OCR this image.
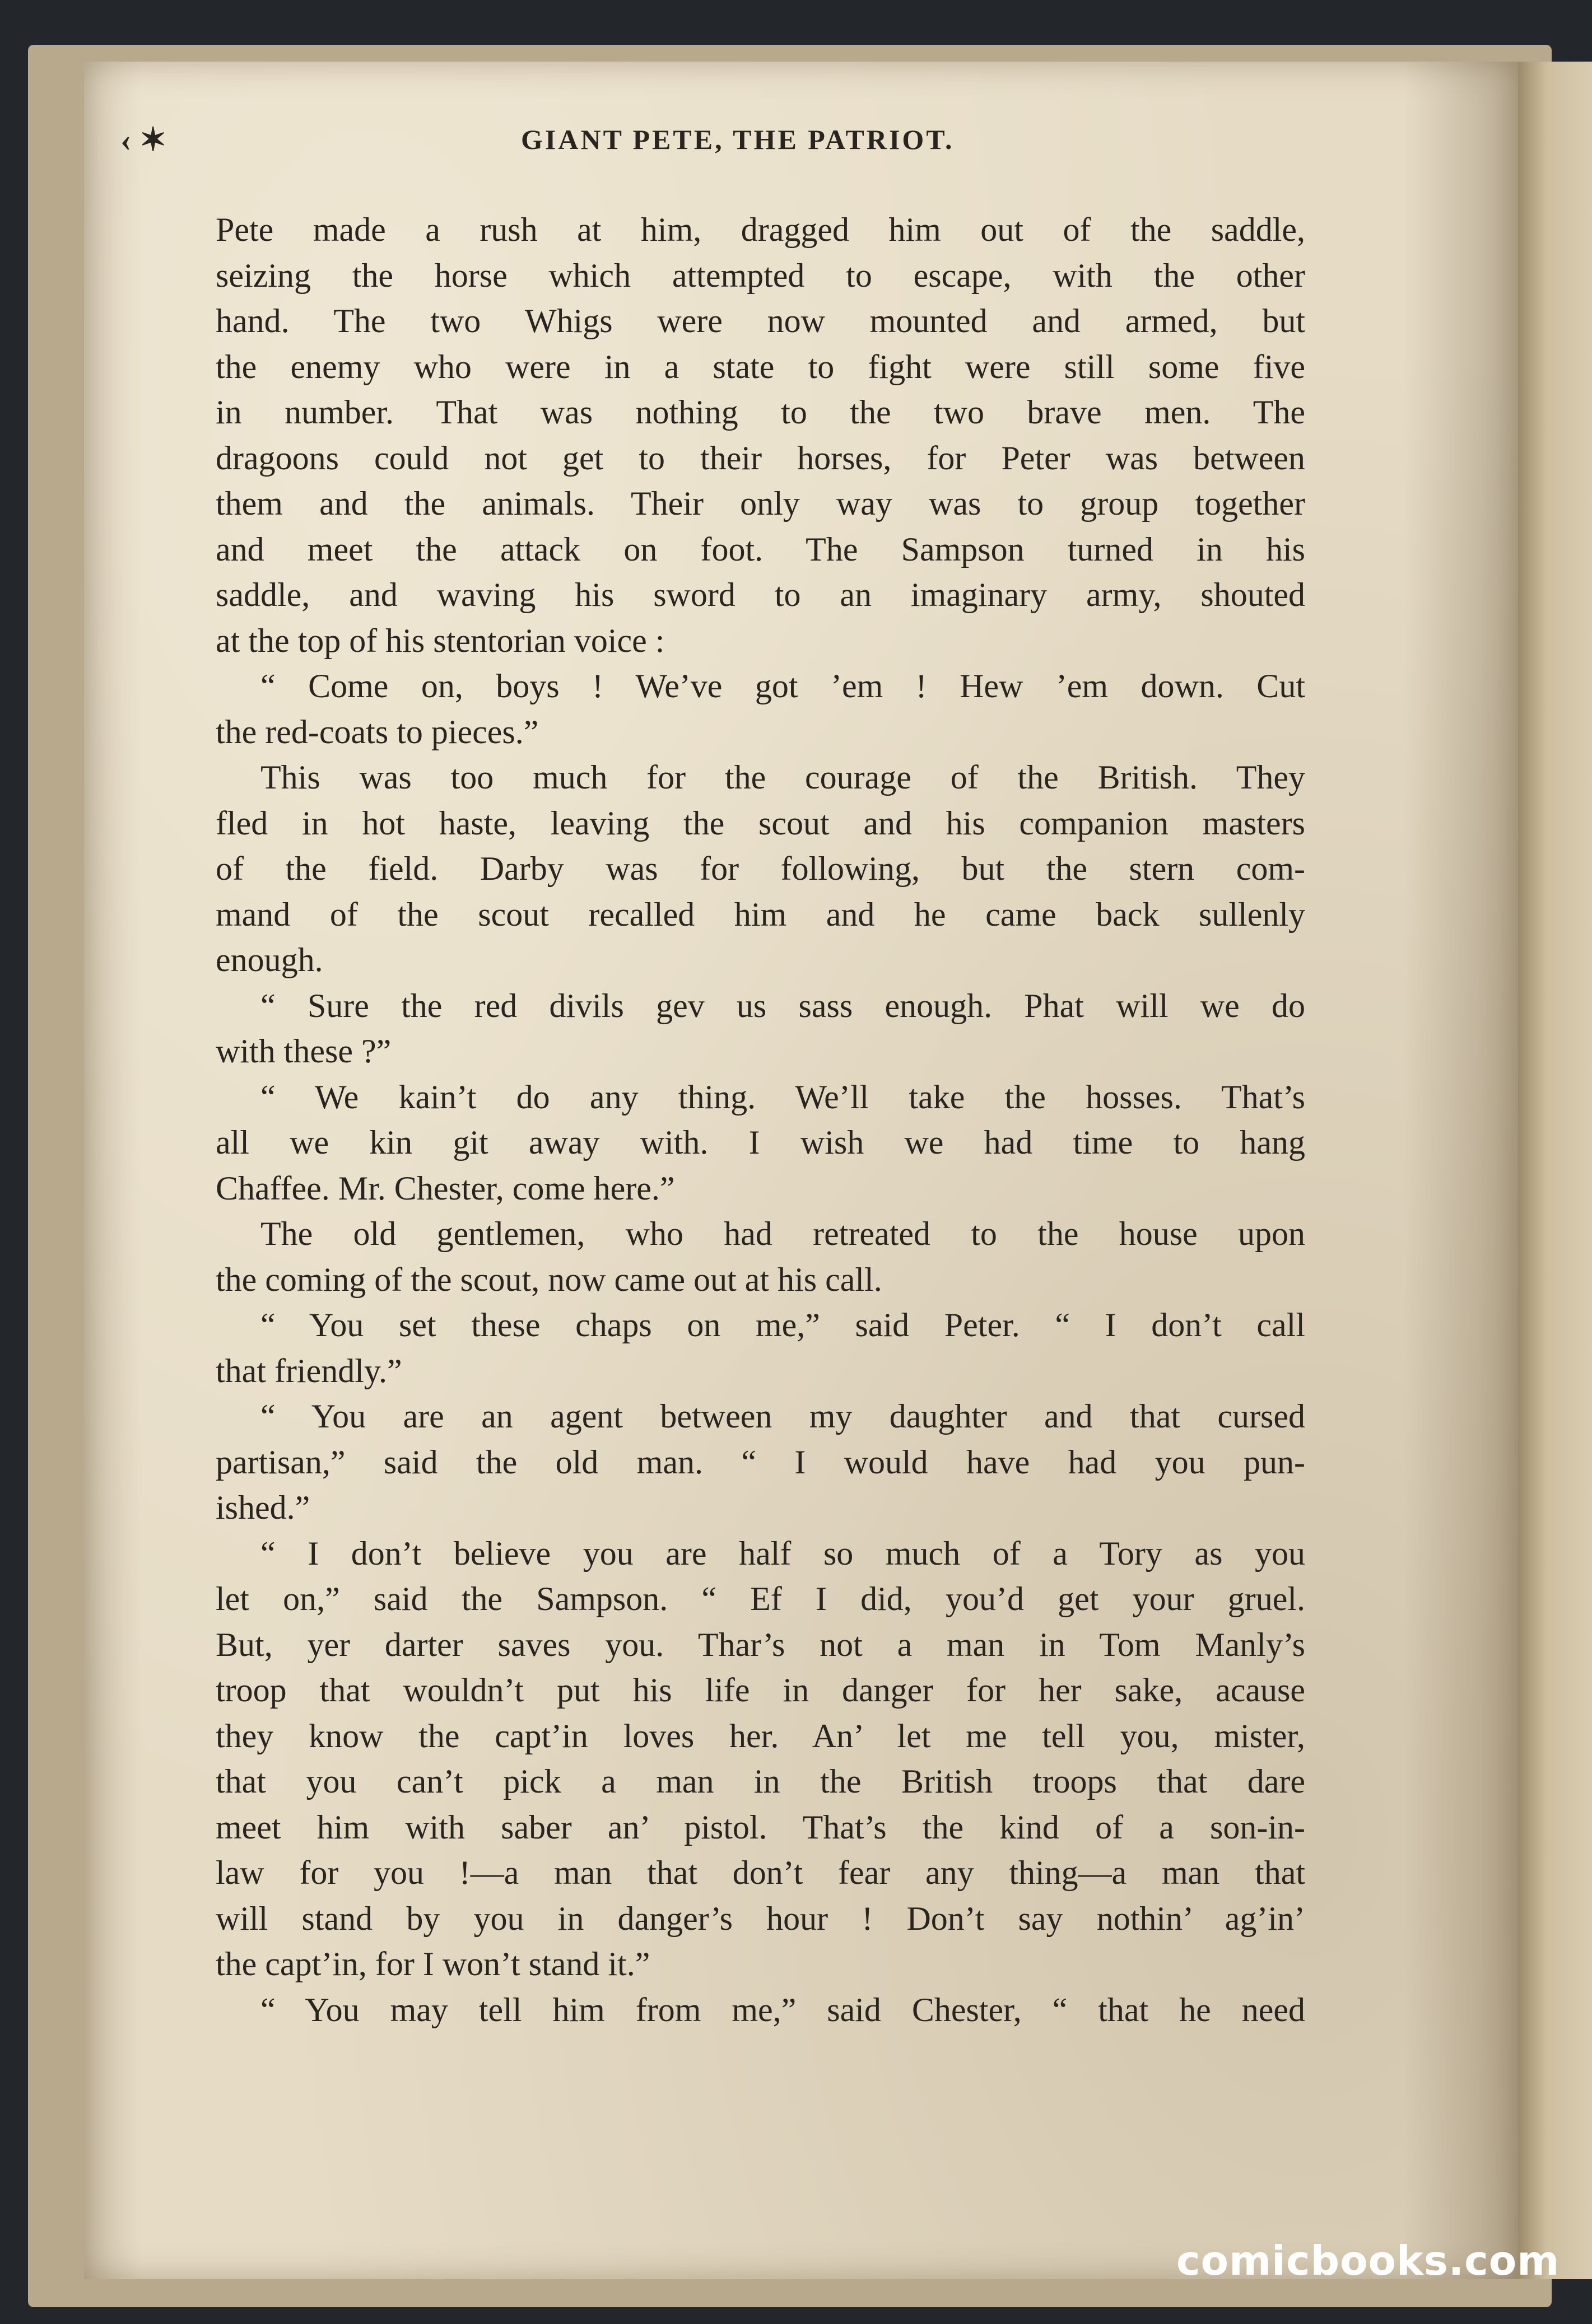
‹ ✶	GIANT PETE, THE PATRIOT.
Pete made a rush at him, dragged him out of the saddle,
seizing the horse which attempted to escape, with the other
hand. The two Whigs were now mounted and armed, but
the enemy who were in a state to fight were still some five
in number. That was nothing to the two brave men. The
dragoons could not get to their horses, for Peter was between
them and the animals. Their only way was to group together
and meet the attack on foot. The Sampson turned in his
saddle, and waving his sword to an imaginary army, shouted
at the top of his stentorian voice :
“ Come on, boys ! We’ve got ’em ! Hew ’em down. Cut
the red-coats to pieces.”
This was too much for the courage of the British. They
fled in hot haste, leaving the scout and his companion masters
of the field. Darby was for following, but the stern com-
mand of the scout recalled him and he came back sullenly
enough.
“ Sure the red divils gev us sass enough. Phat will we do
with these ?”
“ We kain’t do any thing. We’ll take the hosses. That’s
all we kin git away with. I wish we had time to hang
Chaffee. Mr. Chester, come here.”
The old gentlemen, who had retreated to the house upon
the coming of the scout, now came out at his call.
“ You set these chaps on me,” said Peter. “ I don’t call
that friendly.”
“ You are an agent between my daughter and that cursed
partisan,” said the old man. “ I would have had you pun-
ished.”
“ I don’t believe you are half so much of a Tory as you
let on,” said the Sampson. “ Ef I did, you’d get your gruel.
But, yer darter saves you. Thar’s not a man in Tom Manly’s
troop that wouldn’t put his life in danger for her sake, acause
they know the capt’in loves her. An’ let me tell you, mister,
that you can’t pick a man in the British troops that dare
meet him with saber an’ pistol. That’s the kind of a son-in-
law for you !—a man that don’t fear any thing—a man that
will stand by you in danger’s hour ! Don’t say nothin’ ag’in’
the capt’in, for I won’t stand it.”
“ You may tell him from me,” said Chester, “ that he need
comicbooks.com
